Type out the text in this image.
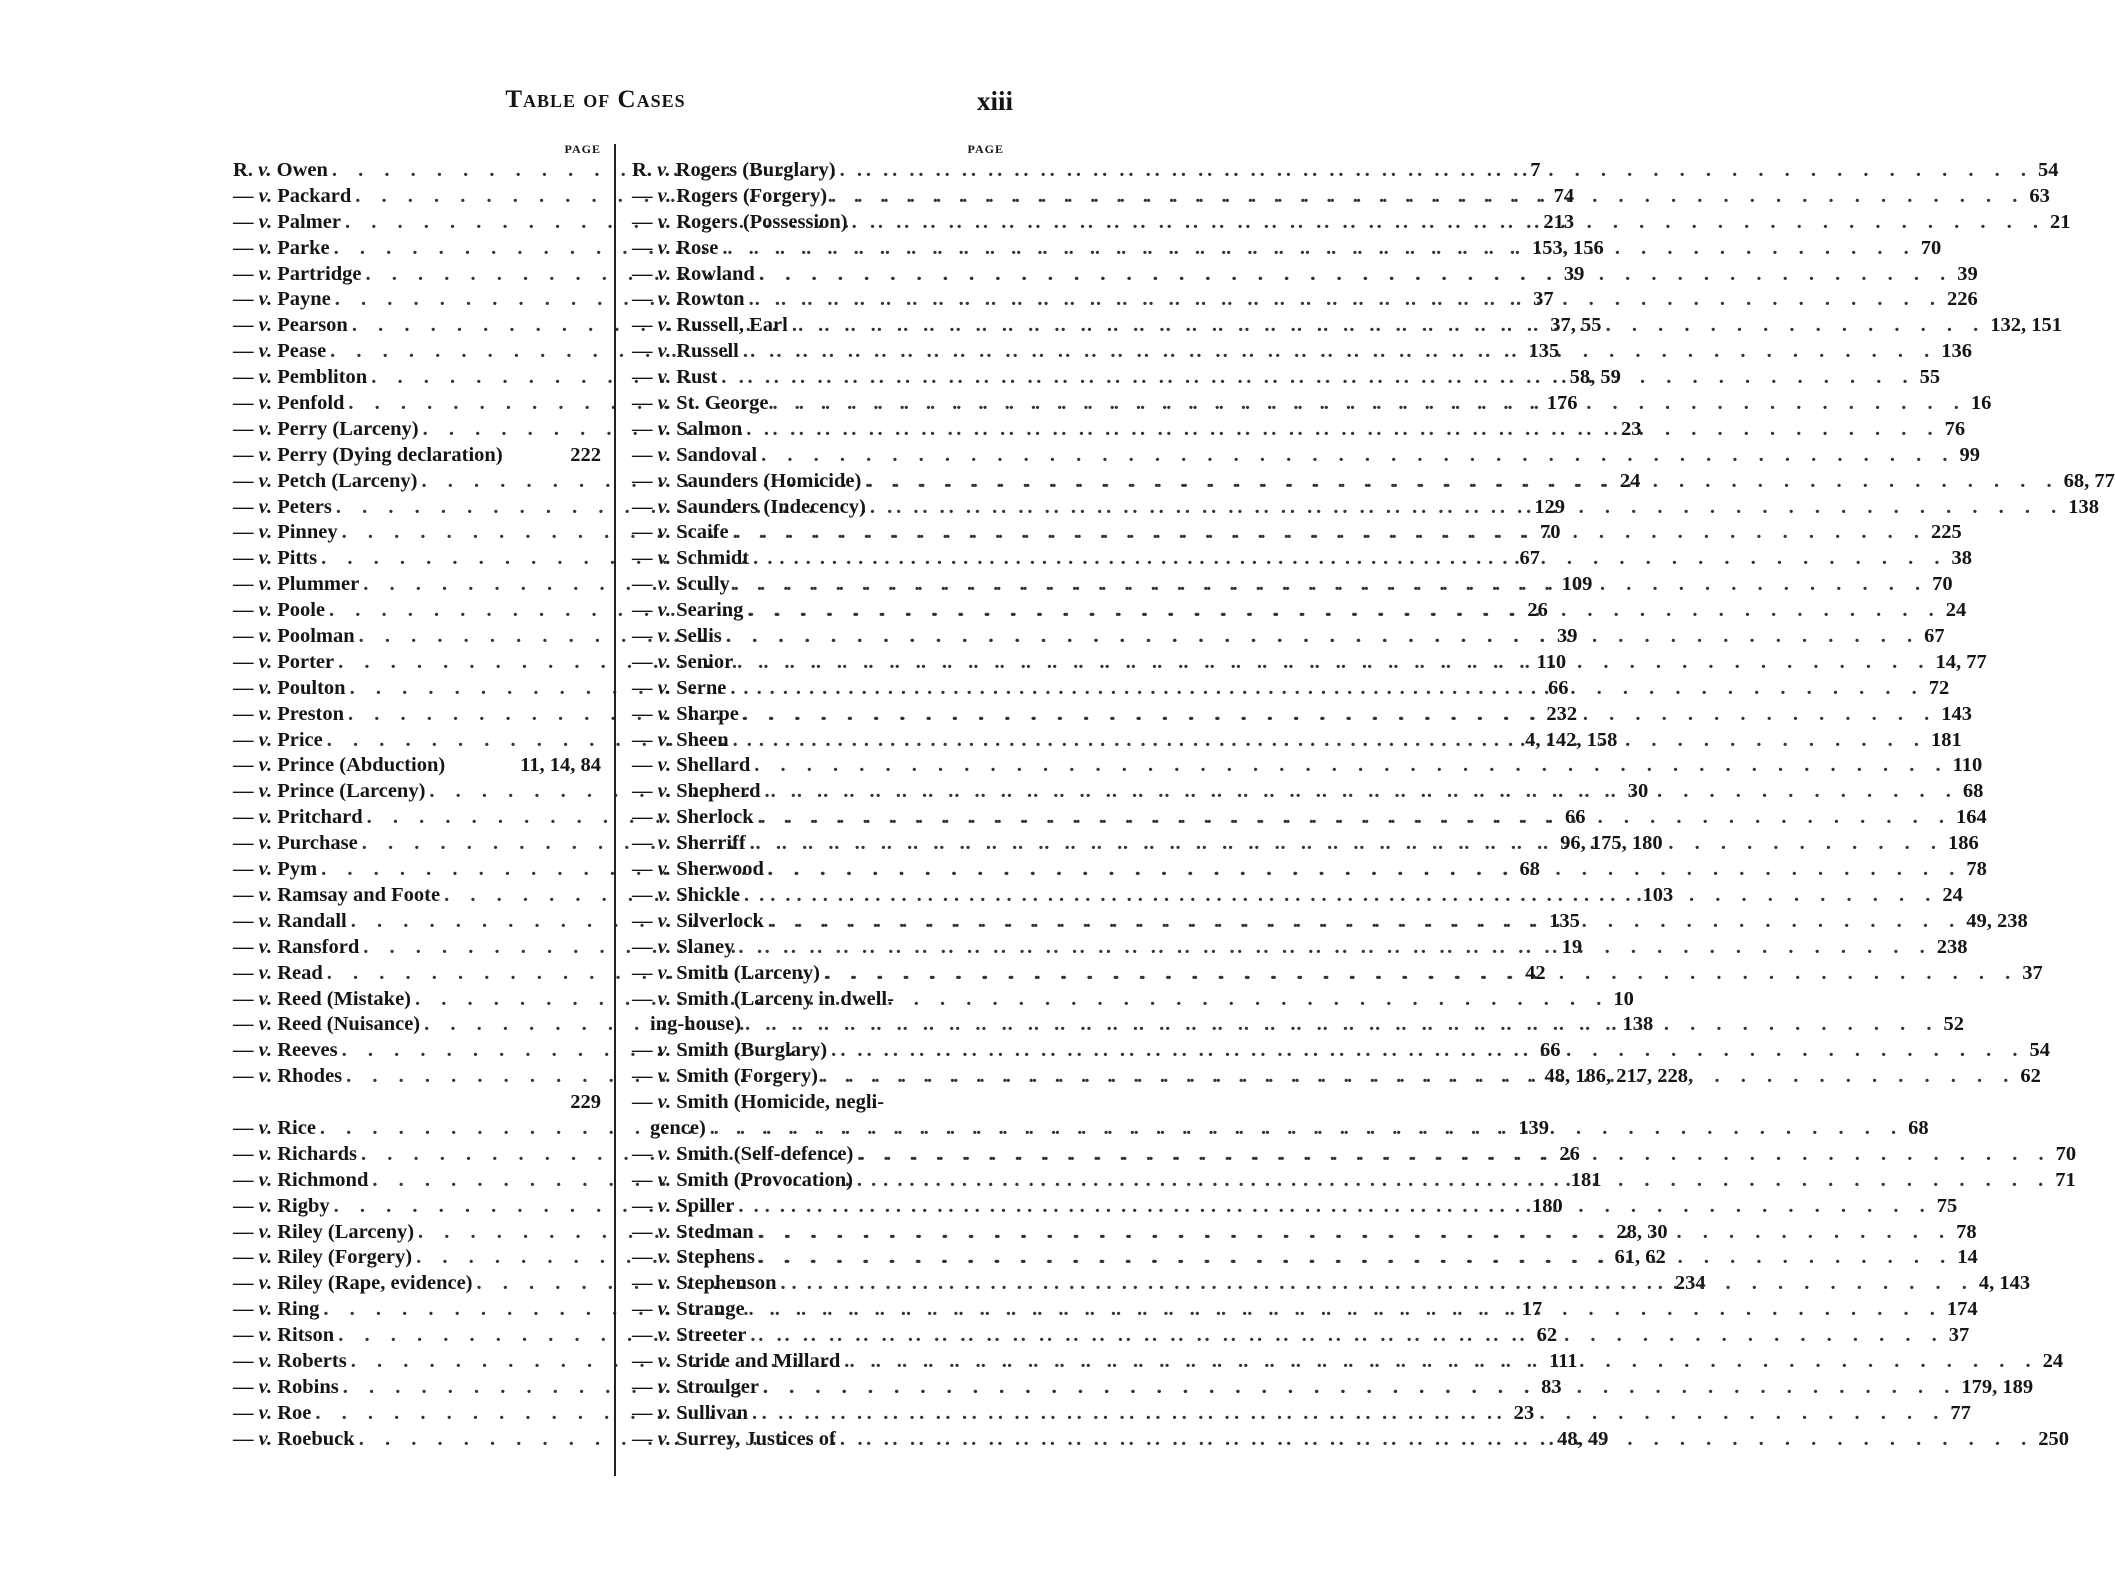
Table of Cases	xiii
PAGE
R. v. Owen . . .	7
— v. Packard . . .	74
— v. Palmer . . .	213
— v. Parke . . .	153, 156
— v. Partridge . . .	39
— v. Payne . . .	37
— v. Pearson . . .	37, 55
— v. Pease . . .	135
— v. Pembliton . . .	58, 59
— v. Penfold . . .	176
— v. Perry (Larceny) . . .	23
— v. Perry (Dying declaration)	222
— v. Petch (Larceny) . . .	24
— v. Peters . . .	129
— v. Pinney . . .	70
— v. Pitts . . .	67
— v. Plummer . . .	109
— v. Poole . . .	26
— v. Poolman . . .	39
— v. Porter . . .	110
— v. Poulton . . .	66
— v. Preston . . .	232
— v. Price . . .	4, 142, 158
— v. Prince (Abduction)	11, 14, 84
— v. Prince (Larceny) . . .	30
— v. Pritchard . . .	66
— v. Purchase . . .	96, 175, 180
— v. Pym . . .	68
— v. Ramsay and Foote . . .	103
— v. Randall . . .	135
— v. Ransford . . .	19
— v. Read . . .	42
— v. Reed (Mistake) . . .	10
— v. Reed (Nuisance) . . .	138
— v. Reeves . . .	66
— v. Rhodes . . .	48, 186, 217, 228,
229
— v. Rice . . .	139
— v. Richards . . .	26
— v. Richmond . . .	181
— v. Rigby . . .	180
— v. Riley (Larceny) . . .	28, 30
— v. Riley (Forgery) . . .	61, 62
— v. Riley (Rape, evidence) . . .	234
— v. Ring . . .	17
— v. Ritson . . .	62
— v. Roberts . . .	111
— v. Robins . . .	83
— v. Roe . . .	23
— v. Roebuck . . .	48, 49
PAGE
R. v. Rogers (Burglary) . . .	54
— v. Rogers (Forgery) . . .	63
— v. Rogers (Possession) . . .	21
— v. Rose . . .	70
— v. Rowland . . .	39
— v. Rowton . . .	226
— v. Russell, Earl . . .	132, 151
— v. Russell . . .	136
— v. Rust . . .	55
— v. St. George . . .	16
— v. Salmon . . .	76
— v. Sandoval . . .	99
— v. Saunders (Homicide) . . .	68, 77
— v. Saunders (Indecency) . . .	138
— v. Scaife . . .	225
— v. Schmidt . . .	38
— v. Scully . . .	70
— v. Searing . . .	24
— v. Sellis . . .	67
— v. Senior . . .	14, 77
— v. Serne . . .	72
— v. Sharpe . . .	143
— v. Sheen . . .	181
— v. Shellard . . .	110
— v. Shepherd . . .	68
— v. Sherlock . . .	164
— v. Sherriff . . .	186
— v. Sherwood . . .	78
— v. Shickle . . .	24
— v. Silverlock . . .	49, 238
— v. Slaney . . .	238
— v. Smith (Larceny) . . .	37
— v. Smith (Larceny in dwell-
ing-house) . . .	52
— v. Smith (Burglary) . . .	54
— v. Smith (Forgery) . . .	62
— v. Smith (Homicide, negli-
gence) . . .	68
— v. Smith (Self-defence) . . .	70
— v. Smith (Provocation) . . .	71
— v. Spiller . . .	75
— v. Stedman . . .	78
— v. Stephens . . .	14
— v. Stephenson . . .	4, 143
— v. Strange . . .	174
— v. Streeter . . .	37
— v. Stride and Millard . . .	24
— v. Stroulger . . .	179, 189
— v. Sullivan . . .	77
— v. Surrey, Justices of . . .	250
